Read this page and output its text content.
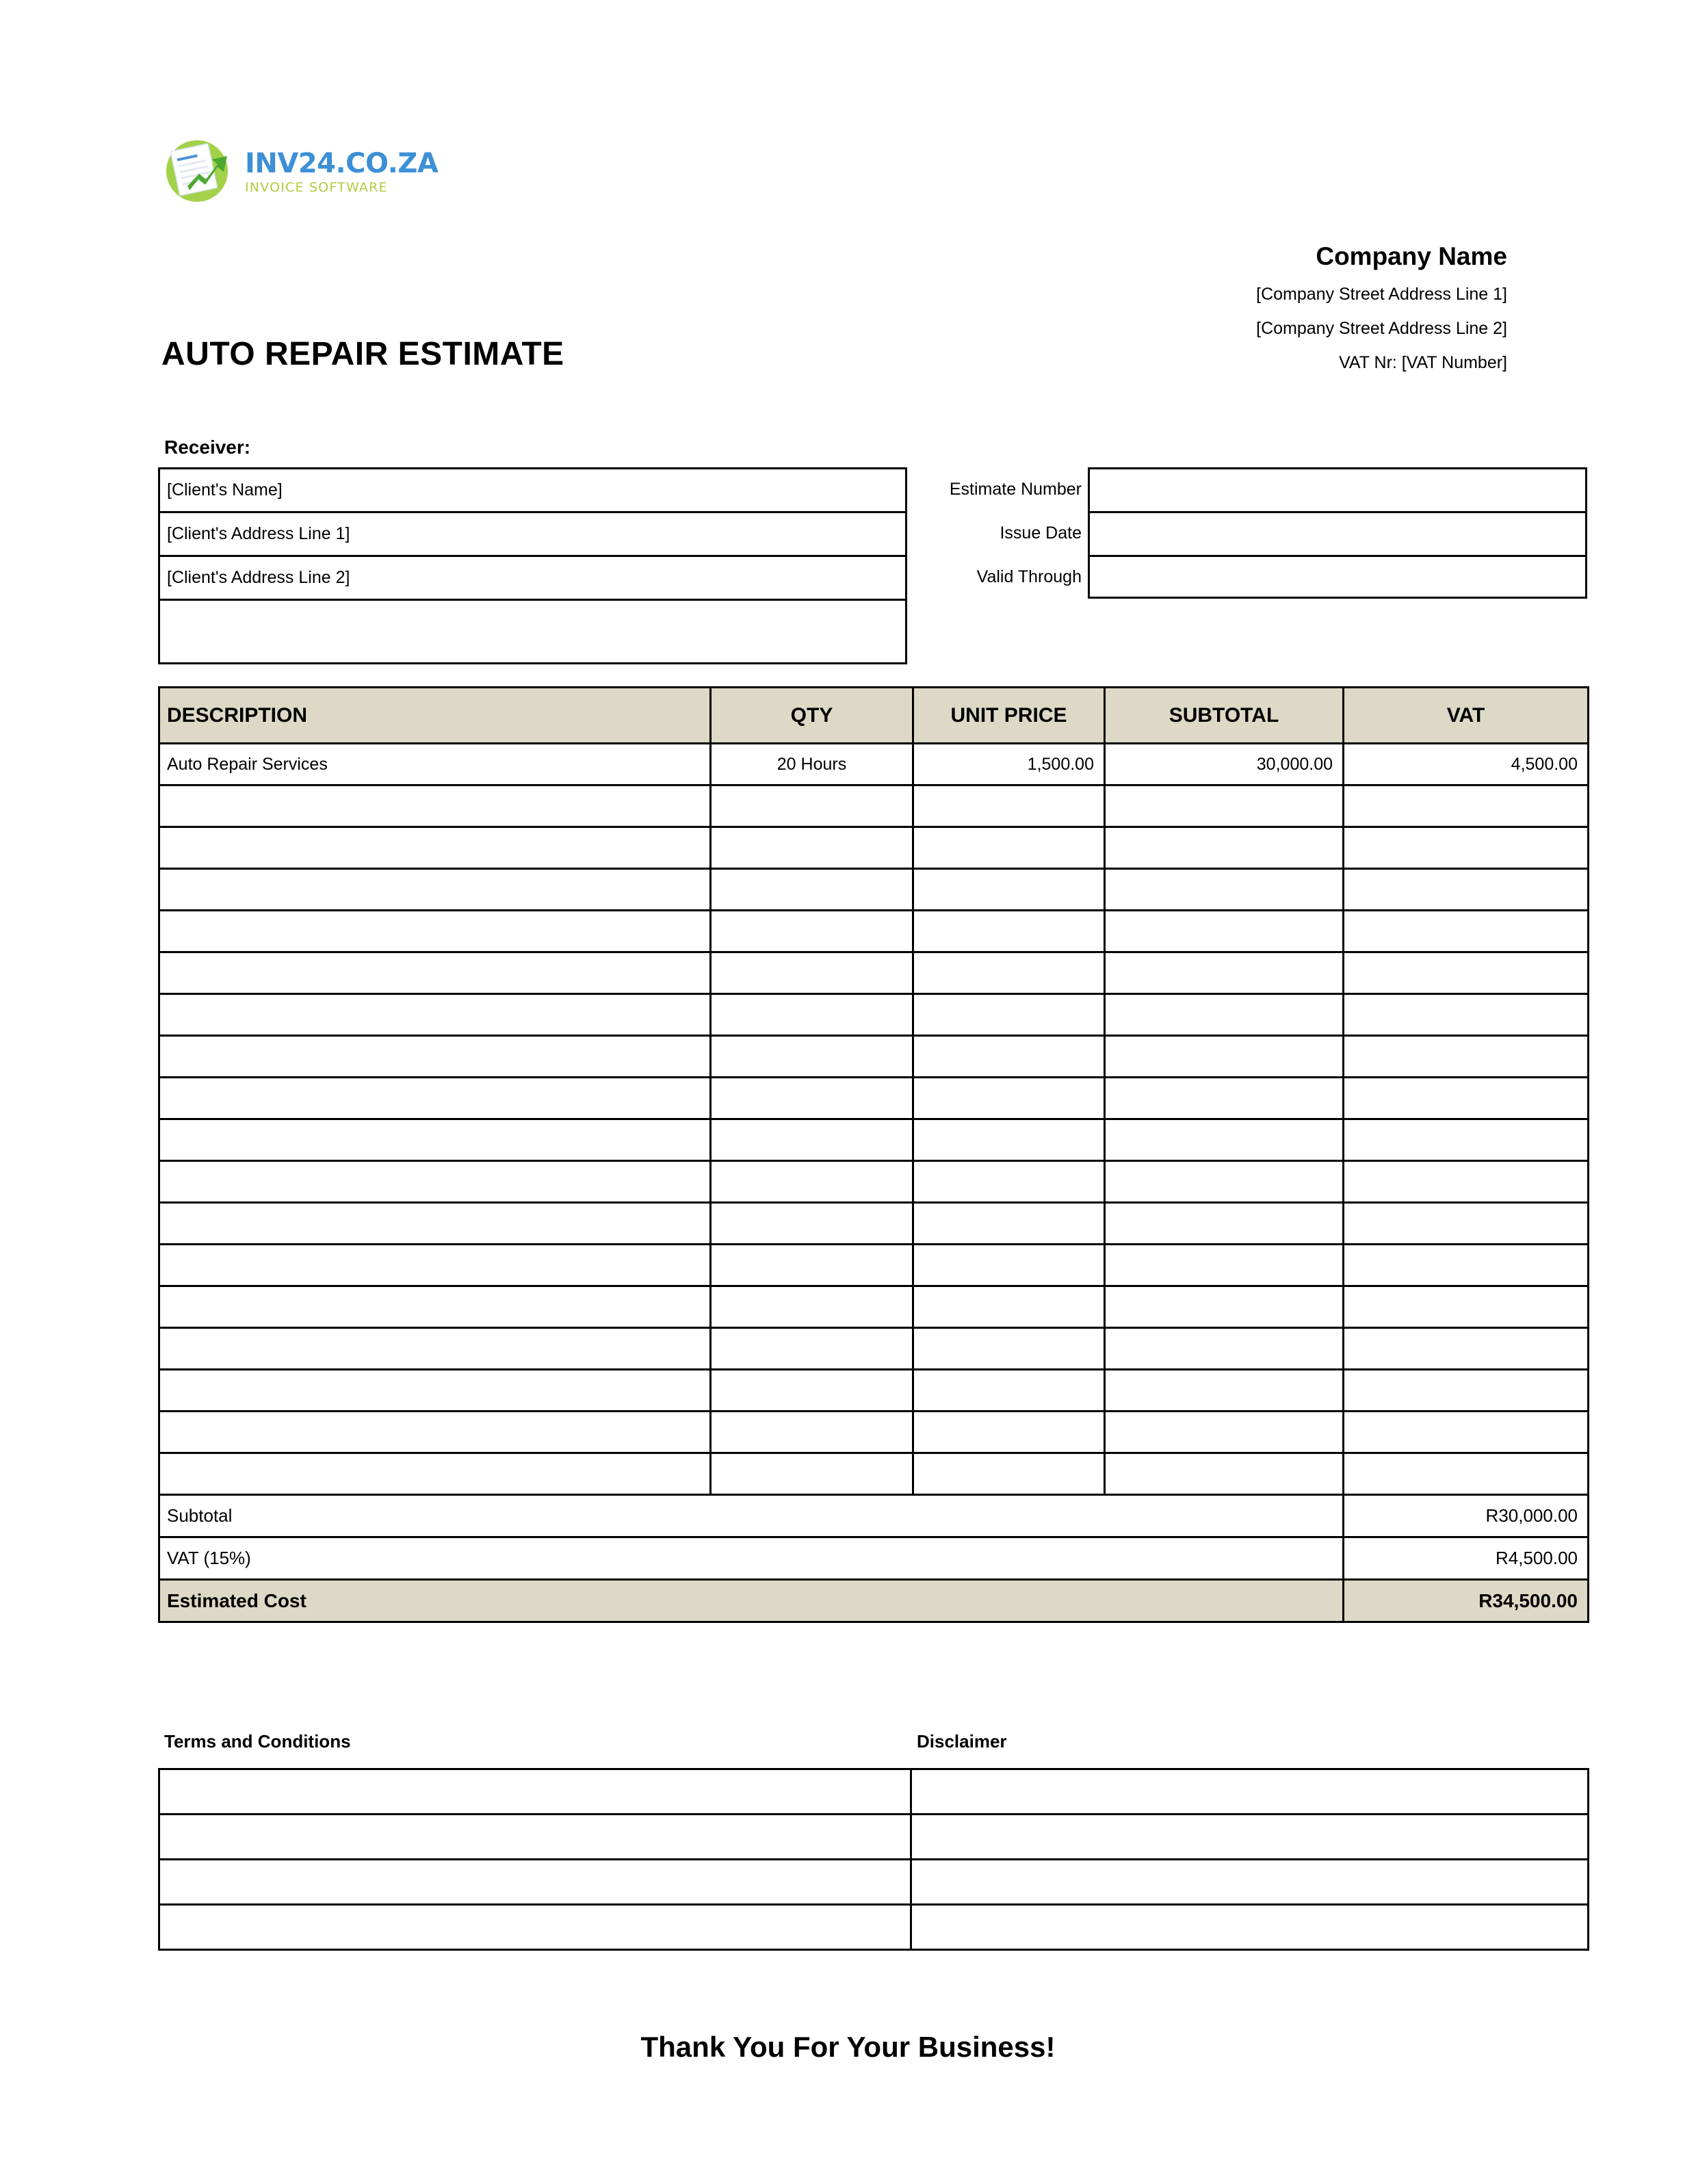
INV24.CO.ZA
INVOICE SOFTWARE
Company Name
[Company Street Address Line 1]
[Company Street Address Line 2]
VAT Nr: [VAT Number]
AUTO REPAIR ESTIMATE
Receiver:
[Client's Name]
[Client's Address Line 1]
[Client's Address Line 2]
Estimate Number
Issue Date
Valid Through
DESCRIPTION	QTY	UNIT PRICE	SUBTOTAL	VAT
Auto Repair Services	20 Hours	1,500.00	30,000.00	4,500.00

Subtotal	R30,000.00
VAT (15%)	R4,500.00
Estimated Cost	R34,500.00
Terms and Conditions	Disclaimer

Thank You For Your Business!
